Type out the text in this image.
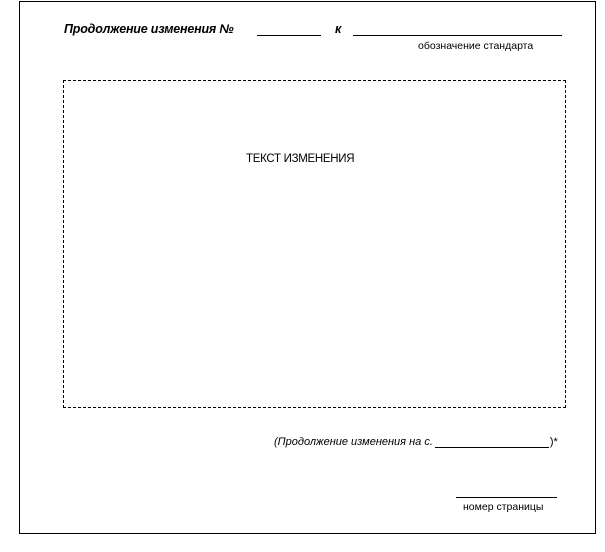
Продолжение изменения №	к
обозначение стандарта
ТЕКСТ ИЗМЕНЕНИЯ
(Продолжение изменения на с.	)*
номер страницы
